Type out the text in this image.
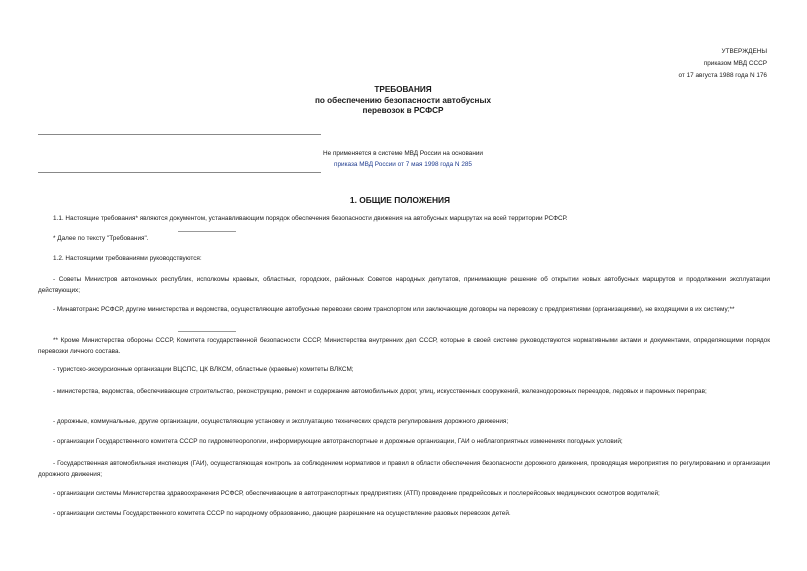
УТВЕРЖДЕНЫ
приказом МВД СССР
от 17 августа 1988 года N 176
ТРЕБОВАНИЯ
по обеспечению безопасности автобусных
перевозок в РСФСР
Не применяется в системе МВД России на основании
приказа МВД России от 7 мая 1998 года N 285
1. ОБЩИЕ ПОЛОЖЕНИЯ
1.1. Настоящие требования* являются документом, устанавливающим порядок обеспечения безопасности движения на автобусных маршрутах на всей территории РСФСР.
* Далее по тексту "Требования".
1.2. Настоящими требованиями руководствуются:
- Советы Министров автономных республик, исполкомы краевых, областных, городских, районных Советов народных депутатов, принимающие решение об открытии новых автобусных маршрутов и продолжении эксплуатации действующих;
- Минавтотранс РСФСР, другие министерства и ведомства, осуществляющие автобусные перевозки своим транспортом или заключающие договоры на перевозку с предприятиями (организациями), не входящими в их систему;**
** Кроме Министерства обороны СССР, Комитета государственной безопасности СССР, Министерства внутренних дел СССР, которые в своей системе руководствуются нормативными актами и документами, определяющими порядок перевозки личного состава.
- туристско-экскурсионные организации ВЦСПС, ЦК ВЛКСМ, областные (краевые) комитеты ВЛКСМ;
- министерства, ведомства, обеспечивающие строительство, реконструкцию, ремонт и содержание автомобильных дорог, улиц, искусственных сооружений, железнодорожных переездов, ледовых и паромных переправ;
- дорожные, коммунальные, другие организации, осуществляющие установку и эксплуатацию технических средств регулирования дорожного движения;
- организации Государственного комитета СССР по гидрометеорологии, информирующие автотранспортные и дорожные организации, ГАИ о неблагоприятных изменениях погодных условий;
- Государственная автомобильная инспекция (ГАИ), осуществляющая контроль за соблюдением нормативов и правил в области обеспечения безопасности дорожного движения, проводящая мероприятия по регулированию и организации дорожного движения;
- организации системы Министерства здравоохранения РСФСР, обеспечивающие в автотранспортных предприятиях (АТП) проведение предрейсовых и послерейсовых медицинских осмотров водителей;
- организации системы Государственного комитета СССР по народному образованию, дающие разрешение на осуществление разовых перевозок детей.
